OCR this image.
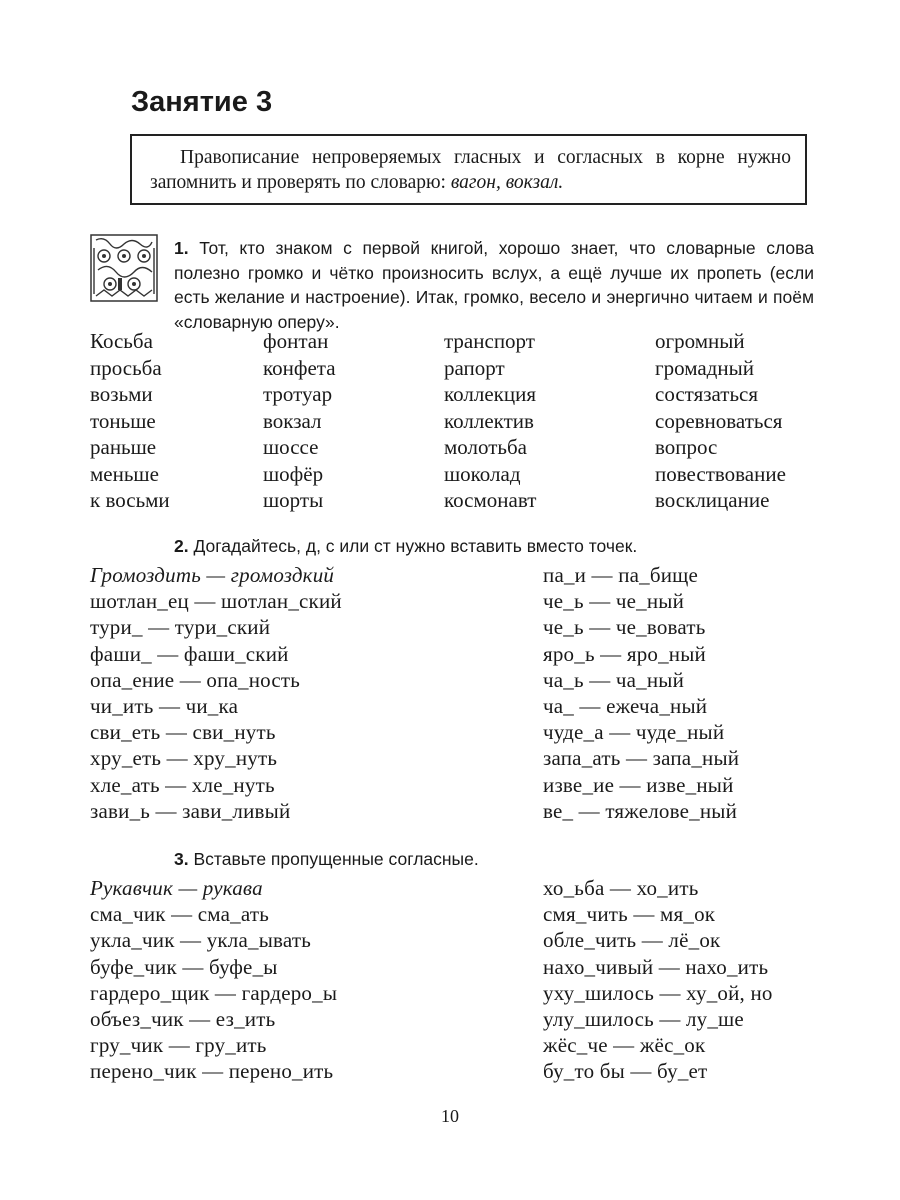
Занятие 3
Правописание непроверяемых гласных и согласных в корне нужно запомнить и проверять по словарю: вагон, вокзал.
1. Тот, кто знаком с первой книгой, хорошо знает, что словарные слова полезно громко и чётко произносить вслух, а ещё лучше их пропеть (если есть желание и настроение). Итак, громко, весело и энергично читаем и поём «словарную оперу».
Косьба
просьба
возьми
тоньше
раньше
меньше
к восьми
фонтан
конфета
тротуар
вокзал
шоссе
шофёр
шорты
транспорт
рапорт
коллекция
коллектив
молотьба
шоколад
космонавт
огромный
громадный
состязаться
соревноваться
вопрос
повествование
восклицание
2. Догадайтесь, д, с или ст нужно вставить вместо точек.
Громоздить — громоздкий
шотлан_ец — шотлан_ский
тури_ — тури_ский
фаши_ — фаши_ский
опа_ение — опа_ность
чи_ить — чи_ка
сви_еть — сви_нуть
хру_еть — хру_нуть
хле_ать — хле_нуть
зави_ь — зави_ливый
па_и — па_бище
че_ь — че_ный
че_ь — че_вовать
яро_ь — яро_ный
ча_ь — ча_ный
ча_ — ежеча_ный
чуде_а — чуде_ный
запа_ать — запа_ный
изве_ие — изве_ный
ве_ — тяжелове_ный
3. Вставьте пропущенные согласные.
Рукавчик — рукава
сма_чик — сма_ать
укла_чик — укла_ывать
буфе_чик — буфе_ы
гардеро_щик — гардеро_ы
объез_чик — ез_ить
гру_чик — гру_ить
перено_чик — перено_ить
хо_ьба — хо_ить
смя_чить — мя_ок
обле_чить — лё_ок
нахо_чивый — нахо_ить
уху_шилось — ху_ой, но
улу_шилось — лу_ше
жёс_че — жёс_ок
бу_то бы — бу_ет
10
